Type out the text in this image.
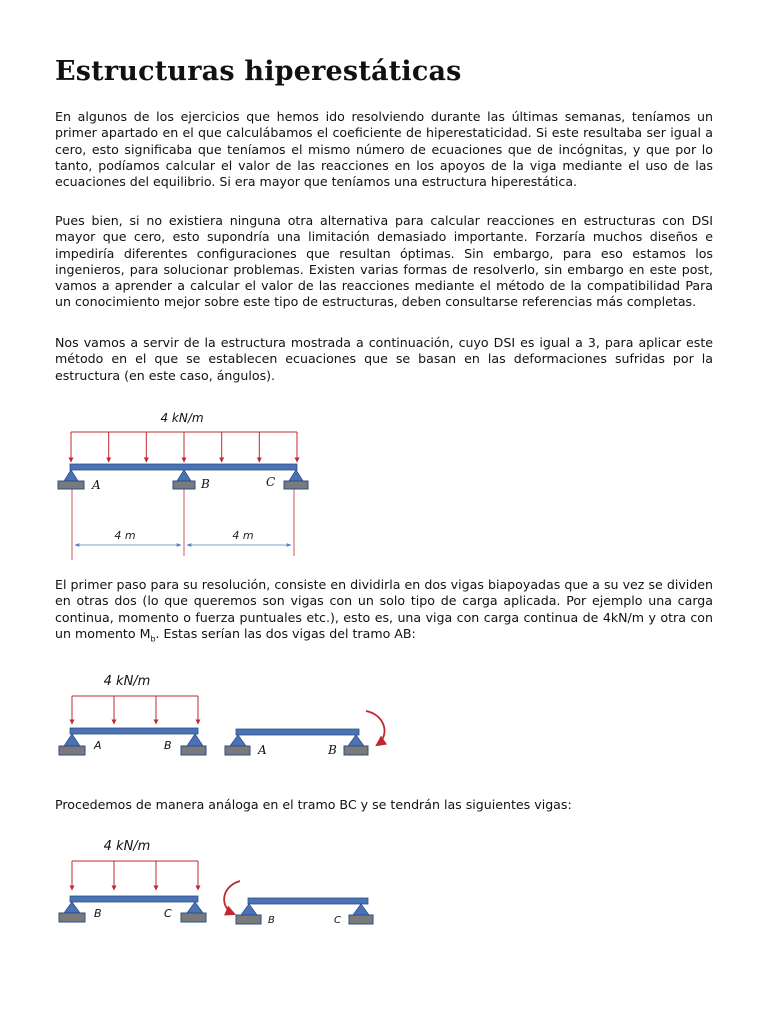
Estructuras hiperestáticas

En algunos de los ejercicios que hemos ido resolviendo durante las últimas semanas, teníamos un primer apartado en el que calculábamos el coeficiente de hiperestaticidad. Si este resultaba ser igual a cero, esto significaba que teníamos el mismo número de ecuaciones que de incógnitas, y que por lo tanto, podíamos calcular el valor de las reacciones en los apoyos de la viga mediante el uso de las ecuaciones del equilibrio. Si era mayor que teníamos una estructura hiperestática.

Pues bien, si no existiera ninguna otra alternativa para calcular reacciones en estructuras con DSI mayor que cero, esto supondría una limitación demasiado importante. Forzaría muchos diseños e impediría diferentes configuraciones que resultan óptimas. Sin embargo, para eso estamos los ingenieros, para solucionar problemas. Existen varias formas de resolverlo, sin embargo en este post, vamos a aprender a calcular el valor de las reacciones mediante el método de la compatibilidad Para un conocimiento mejor sobre este tipo de estructuras, deben consultarse referencias más completas.

Nos vamos a servir de la estructura mostrada a continuación, cuyo DSI es igual a 3, para aplicar este método en el que se establecen ecuaciones que se basan en las deformaciones sufridas por la estructura (en este caso, ángulos).

4 kN/m
A	B	C
4 m	4 m
4 kN/m
A	B	A	B
4 kN/m
B	C
B	C

El primer paso para su resolución, consiste en dividirla en dos vigas biapoyadas que a su vez se dividen en otras dos (lo que queremos son vigas con un solo tipo de carga aplicada. Por ejemplo una carga continua, momento o fuerza puntuales etc.), esto es, una viga con carga continua de 4kN/m y otra con un momento $M_b$. Estas serían las dos vigas del tramo AB:

Procedemos de manera análoga en el tramo BC y se tendrán las siguientes vigas:
